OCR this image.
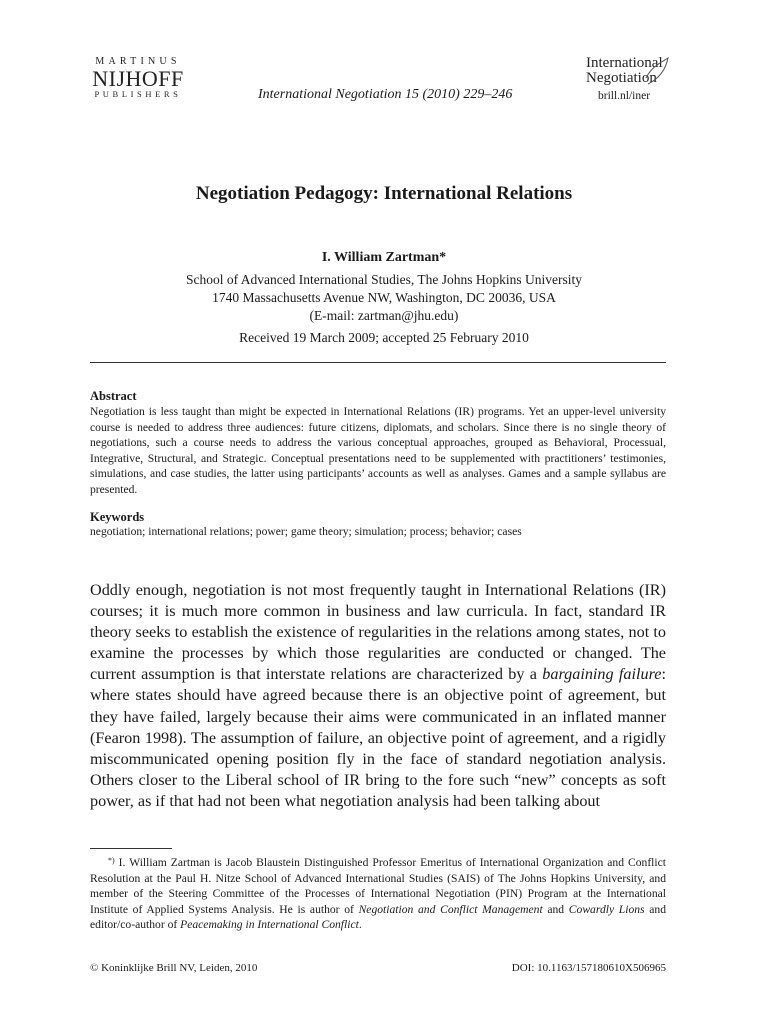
MARTINUS
NIJHOFF
PUBLISHERS	International Negotiation 15 (2010) 229–246
International
Negotiation
brill.nl/iner
Negotiation Pedagogy: International Relations
I. William Zartman*
School of Advanced International Studies, The Johns Hopkins University
1740 Massachusetts Avenue NW, Washington, DC 20036, USA
(E-mail: zartman@jhu.edu)
Received 19 March 2009; accepted 25 February 2010
Abstract
Negotiation is less taught than might be expected in International Relations (IR) programs. Yet an upper-level university course is needed to address three audiences: future citizens, diplomats, and scholars. Since there is no single theory of negotiations, such a course needs to address the various conceptual approaches, grouped as Behavioral, Processual, Integrative, Structural, and Strategic. Conceptual presentations need to be supplemented with practitioners’ testimonies, simulations, and case studies, the latter using participants’ accounts as well as analyses. Games and a sample syllabus are presented.
Keywords
negotiation; international relations; power; game theory; simulation; process; behavior; cases
Oddly enough, negotiation is not most frequently taught in International Relations (IR) courses; it is much more common in business and law curricula. In fact, standard IR theory seeks to establish the existence of regularities in the relations among states, not to examine the processes by which those regularities are conducted or changed. The current assumption is that interstate relations are characterized by a bargaining failure: where states should have agreed because there is an objective point of agreement, but they have failed, largely because their aims were communicated in an inflated manner (Fearon 1998). The assumption of failure, an objective point of agreement, and a rigidly miscommunicated opening position fly in the face of standard negotiation analysis. Others closer to the Liberal school of IR bring to the fore such “new” concepts as soft power, as if that had not been what negotiation analysis had been talking about
*) I. William Zartman is Jacob Blaustein Distinguished Professor Emeritus of International Organization and Conflict Resolution at the Paul H. Nitze School of Advanced International Studies (SAIS) of The Johns Hopkins University, and member of the Steering Committee of the Processes of International Negotiation (PIN) Program at the International Institute of Applied Systems Analysis. He is author of Negotiation and Conflict Management and Cowardly Lions and editor/co-author of Peacemaking in International Conflict.
© Koninklijke Brill NV, Leiden, 2010	DOI: 10.1163/157180610X506965
